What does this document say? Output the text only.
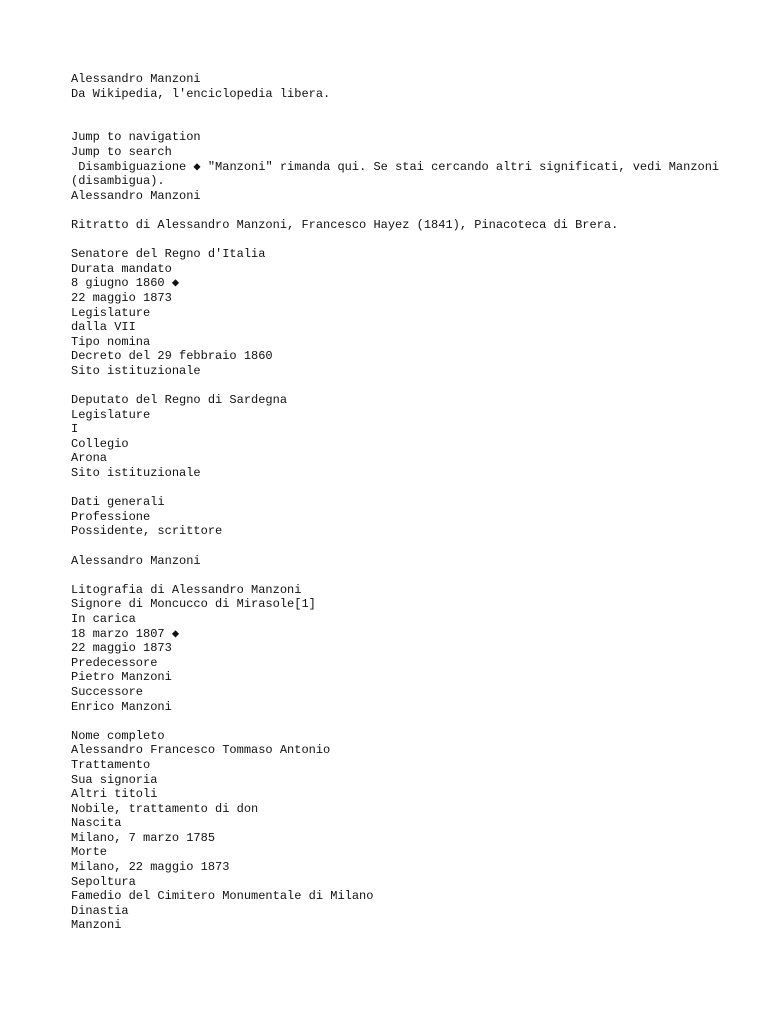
Alessandro Manzoni
Da Wikipedia, l'enciclopedia libera.
Jump to navigation
Jump to search
Disambiguazione ◆ "Manzoni" rimanda qui. Se stai cercando altri significati, vedi Manzoni (disambigua).
Alessandro Manzoni
Ritratto di Alessandro Manzoni, Francesco Hayez (1841), Pinacoteca di Brera.
Senatore del Regno d'Italia
Durata mandato
8 giugno 1860 ◆
22 maggio 1873
Legislature
dalla VII
Tipo nomina
Decreto del 29 febbraio 1860
Sito istituzionale
Deputato del Regno di Sardegna
Legislature
I
Collegio
Arona
Sito istituzionale
Dati generali
Professione
Possidente, scrittore
Alessandro Manzoni
Litografia di Alessandro Manzoni
Signore di Moncucco di Mirasole[1]
In carica
18 marzo 1807 ◆
22 maggio 1873
Predecessore
Pietro Manzoni
Successore
Enrico Manzoni
Nome completo
Alessandro Francesco Tommaso Antonio
Trattamento
Sua signoria
Altri titoli
Nobile, trattamento di don
Nascita
Milano, 7 marzo 1785
Morte
Milano, 22 maggio 1873
Sepoltura
Famedio del Cimitero Monumentale di Milano
Dinastia
Manzoni
